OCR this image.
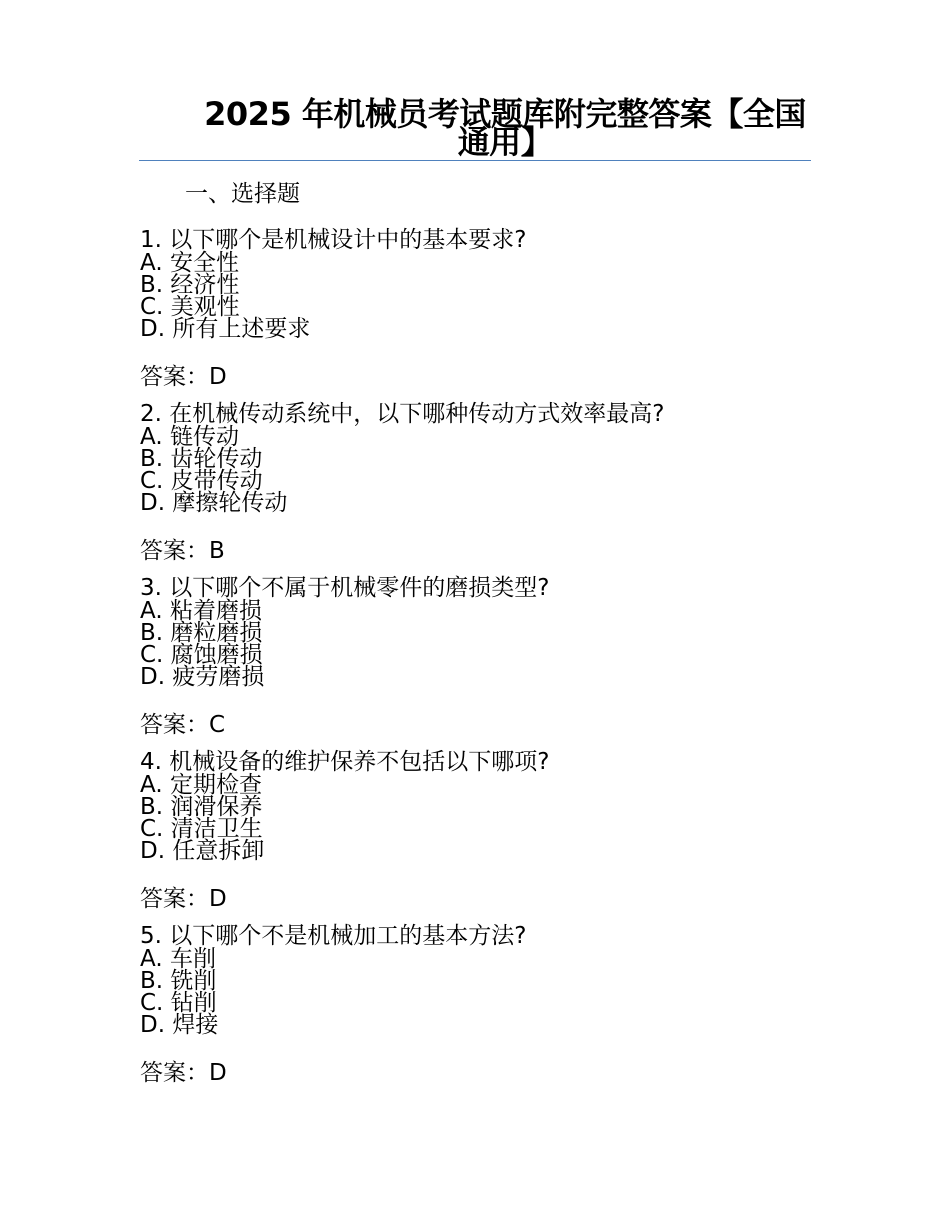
2025 年机械员考试题库附完整答案【全国通用】
一、选择题
1. 以下哪个是机械设计中的基本要求?
A. 安全性
B. 经济性
C. 美观性
D. 所有上述要求
答案：D
2. 在机械传动系统中，以下哪种传动方式效率最高?
A. 链传动
B. 齿轮传动
C. 皮带传动
D. 摩擦轮传动
答案：B
3. 以下哪个不属于机械零件的磨损类型?
A. 粘着磨损
B. 磨粒磨损
C. 腐蚀磨损
D. 疲劳磨损
答案：C
4. 机械设备的维护保养不包括以下哪项?
A. 定期检查
B. 润滑保养
C. 清洁卫生
D. 任意拆卸
答案：D
5. 以下哪个不是机械加工的基本方法?
A. 车削
B. 铣削
C. 钻削
D. 焊接
答案：D
